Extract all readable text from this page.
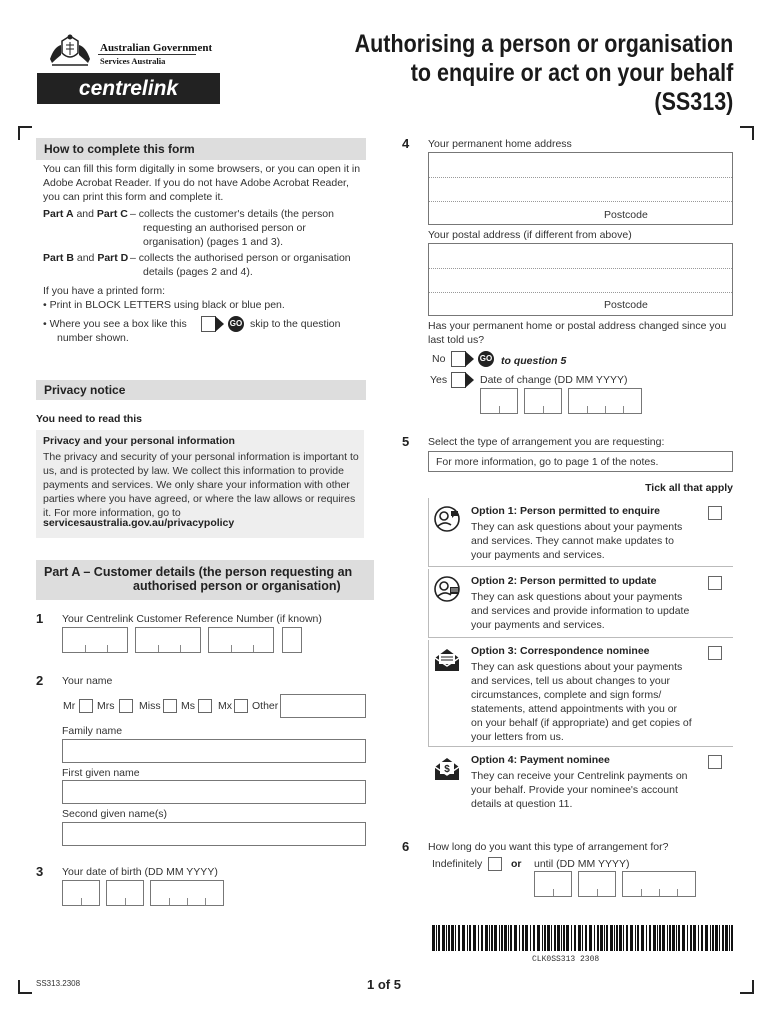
Australian Government
Services Australia
centrelink
Authorising a person or organisation
to enquire or act on your behalf
(SS313)
How to complete this form
You can fill this form digitally in some browsers, or you can open it in Adobe Acrobat Reader. If you do not have Adobe Acrobat Reader, you can print this form and complete it.
Part A and Part C – collects the customer's details (the person requesting an authorised person or organisation) (pages 1 and 3).
Part B and Part D – collects the authorised person or organisation details (pages 2 and 4).
If you have a printed form:
• Print in BLOCK LETTERS using black or blue pen.
• Where you see a box like this	GO skip to the question number shown.
Privacy notice
You need to read this
Privacy and your personal information
The privacy and security of your personal information is important to us, and is protected by law. We collect this information to provide payments and services. We only share your information with other parties where you have agreed, or where the law allows or requires it. For more information, go to
servicesaustralia.gov.au/privacypolicy
Part A – Customer details (the person requesting an
authorised person or organisation)
1 Your Centrelink Customer Reference Number (if known)
2 Your name
Mr Mrs Miss Ms Mx Other
Family name
First given name
Second given name(s)
3 Your date of birth (DD MM YYYY)
4 Your permanent home address
Postcode
Your postal address (if different from above)
Postcode
Has your permanent home or postal address changed since you last told us?
No	GO to question 5
Yes	Date of change (DD MM YYYY)
5 Select the type of arrangement you are requesting:
For more information, go to page 1 of the notes.
Tick all that apply
Option 1: Person permitted to enquire
They can ask questions about your payments
and services. They cannot make updates to
your payments and services.
Option 2: Person permitted to update
They can ask questions about your payments
and services and provide information to update
your payments and services.
Option 3: Correspondence nominee
They can ask questions about your payments
and services, tell us about changes to your
circumstances, complete and sign forms/
statements, attend appointments with you or
on your behalf (if appropriate) and get copies of
your letters from us.
$
Option 4: Payment nominee
They can receive your Centrelink payments on
your behalf. Provide your nominee's account
details at question 11.
6 How long do you want this type of arrangement for?
Indefinitely	or until (DD MM YYYY)
CLK0SS313 2308
SS313.2308	1 of 5
